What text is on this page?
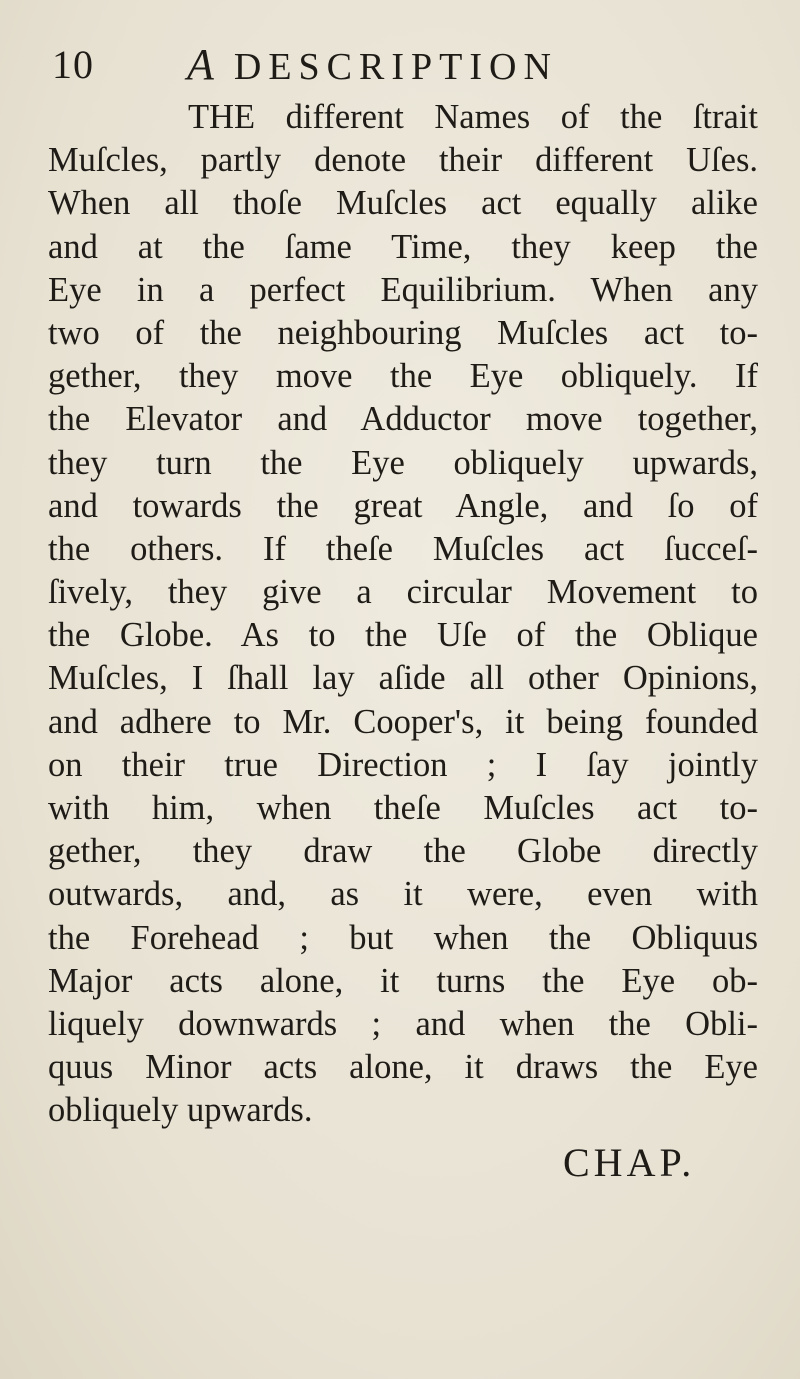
10 A DESCRIPTION
THE different Names of the ſtrait
Muſcles, partly denote their different Uſes.
When all thoſe Muſcles act equally alike
and at the ſame Time, they keep the
Eye in a perfect Equilibrium. When any
two of the neighbouring Muſcles act to-
gether, they move the Eye obliquely. If
the Elevator and Adductor move together,
they turn the Eye obliquely upwards,
and towards the great Angle, and ſo of
the others. If theſe Muſcles act ſucceſ-
ſively, they give a circular Movement to
the Globe. As to the Uſe of the Oblique
Muſcles, I ſhall lay aſide all other Opinions,
and adhere to Mr. Cooper's, it being founded
on their true Direction ; I ſay jointly
with him, when theſe Muſcles act to-
gether, they draw the Globe directly
outwards, and, as it were, even with
the Forehead ; but when the Obliquus
Major acts alone, it turns the Eye ob-
liquely downwards ; and when the Obli-
quus Minor acts alone, it draws the Eye
obliquely upwards.
CHAP.
